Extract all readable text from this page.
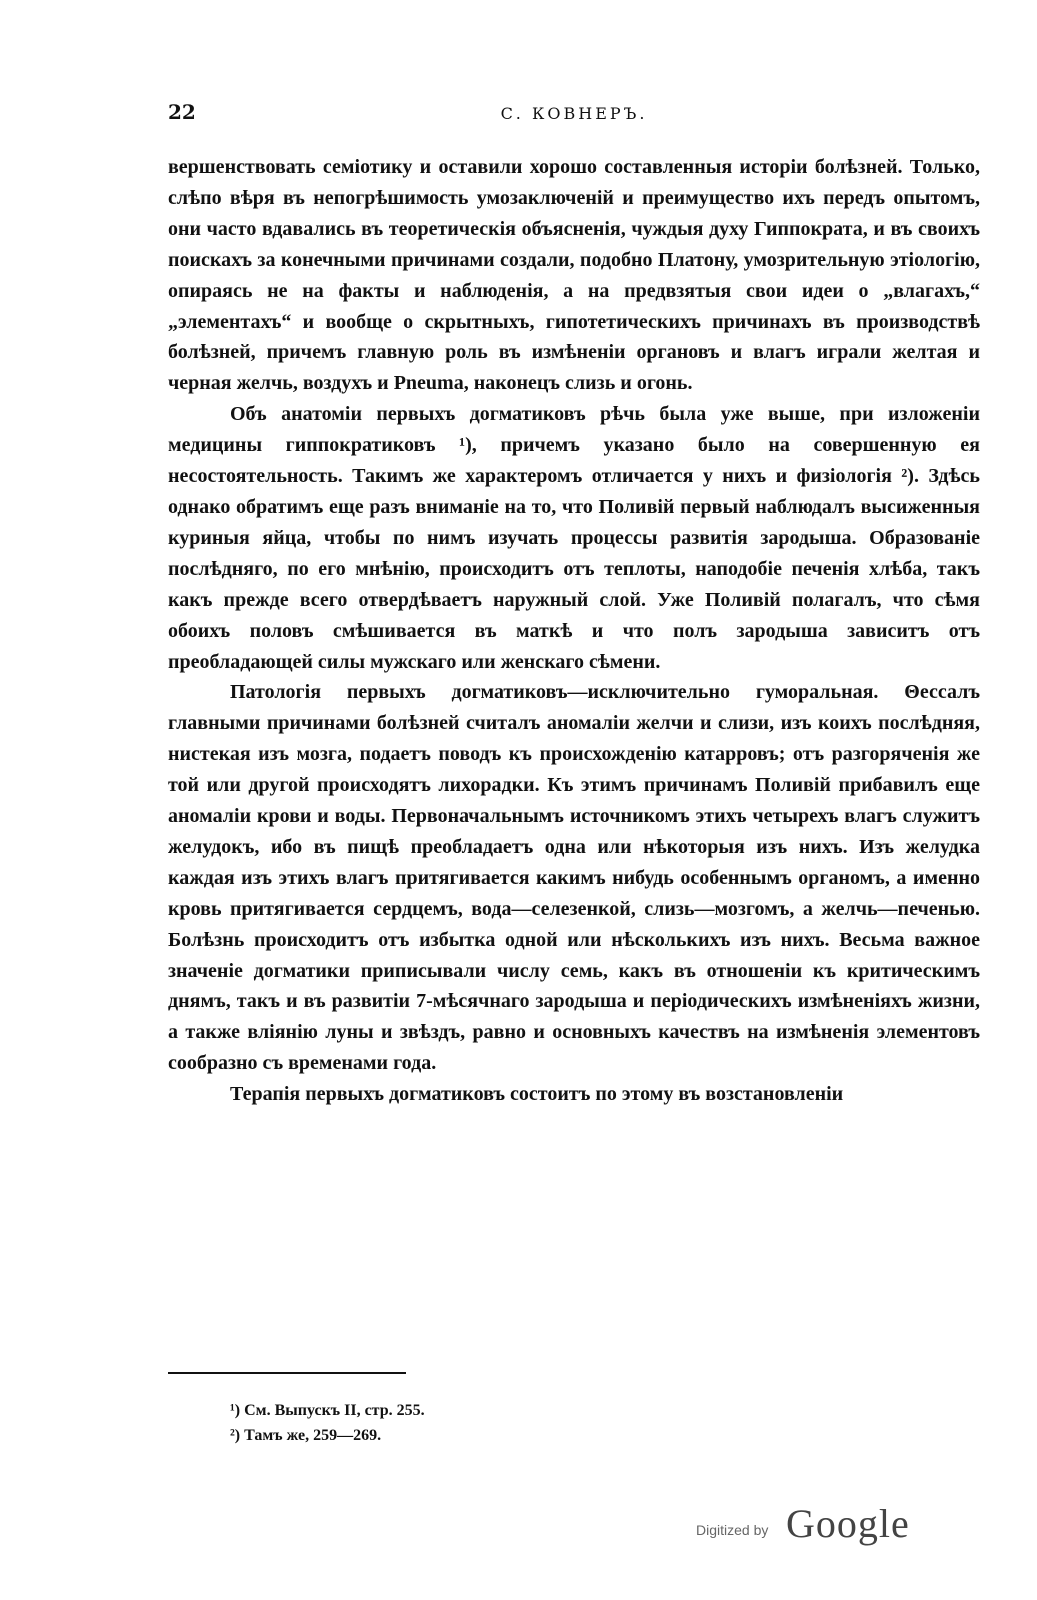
22	С. КОВНЕРЪ.

вершенствовать семіотику и оставили хорошо составленныя исторіи болѣзней. Только, слѣпо вѣря въ непогрѣшимость умозаключеній и преимущество ихъ передъ опытомъ, они часто вдавались въ теоретическія объясненія, чуждыя духу Гиппократа, и въ своихъ поискахъ за конечными причинами создали, подобно Платону, умозрительную этіологію, опираясь не на факты и наблюденія, а на предвзятыя свои идеи о „влагахъ,“ „элементахъ“ и вообще о скрытныхъ, гипотетическихъ причинахъ въ производствѣ болѣзней, причемъ главную роль въ измѣненіи органовъ и влагъ играли желтая и черная желчь, воздухъ и Pneuma, наконецъ слизь и огонь.

Объ анатоміи первыхъ догматиковъ рѣчь была уже выше, при изложеніи медицины гиппократиковъ ¹), причемъ указано было на совершенную ея несостоятельность. Такимъ же характеромъ отличается у нихъ и физіологія ²). Здѣсь однако обратимъ еще разъ вниманіе на то, что Поливій первый наблюдалъ высиженныя куриныя яйца, чтобы по нимъ изучать процессы развитія зародыша. Образованіе послѣдняго, по его мнѣнію, происходитъ отъ теплоты, наподобіе печенія хлѣба, такъ какъ прежде всего отвердѣваетъ наружный слой. Уже Поливій полагалъ, что сѣмя обоихъ половъ смѣшивается въ маткѣ и что полъ зародыша зависитъ отъ преобладающей силы мужскаго или женскаго сѣмени.

Патологія первыхъ догматиковъ—исключительно гуморальная. Θессалъ главными причинами болѣзней считалъ аномаліи желчи и слизи, изъ коихъ послѣдняя, нистекая изъ мозга, подаетъ поводъ къ происхожденію катарровъ; отъ разгоряченія же той или другой происходятъ лихорадки. Къ этимъ причинамъ Поливій прибавилъ еще аномаліи крови и воды. Первоначальнымъ источникомъ этихъ четырехъ влагъ служитъ желудокъ, ибо въ пищѣ преобладаетъ одна или нѣкоторыя изъ нихъ. Изъ желудка каждая изъ этихъ влагъ притягивается какимъ нибудь особеннымъ органомъ, а именно кровь притягивается сердцемъ, вода—селезенкой, слизь—мозгомъ, а желчь—печенью. Болѣзнь происходитъ отъ избытка одной или нѣсколькихъ изъ нихъ. Весьма важное значеніе догматики приписывали числу семь, какъ въ отношеніи къ критическимъ днямъ, такъ и въ развитіи 7-мѣсячнаго зародыша и періодическихъ измѣненіяхъ жизни, а также вліянію луны и звѣздъ, равно и основныхъ качествъ на измѣненія элементовъ сообразно съ временами года.

Терапія первыхъ догматиковъ состоитъ по этому въ возстановленіи

¹) См. Выпускъ II, стр. 255.

²) Тамъ же, 259—269.

Digitized by Google
